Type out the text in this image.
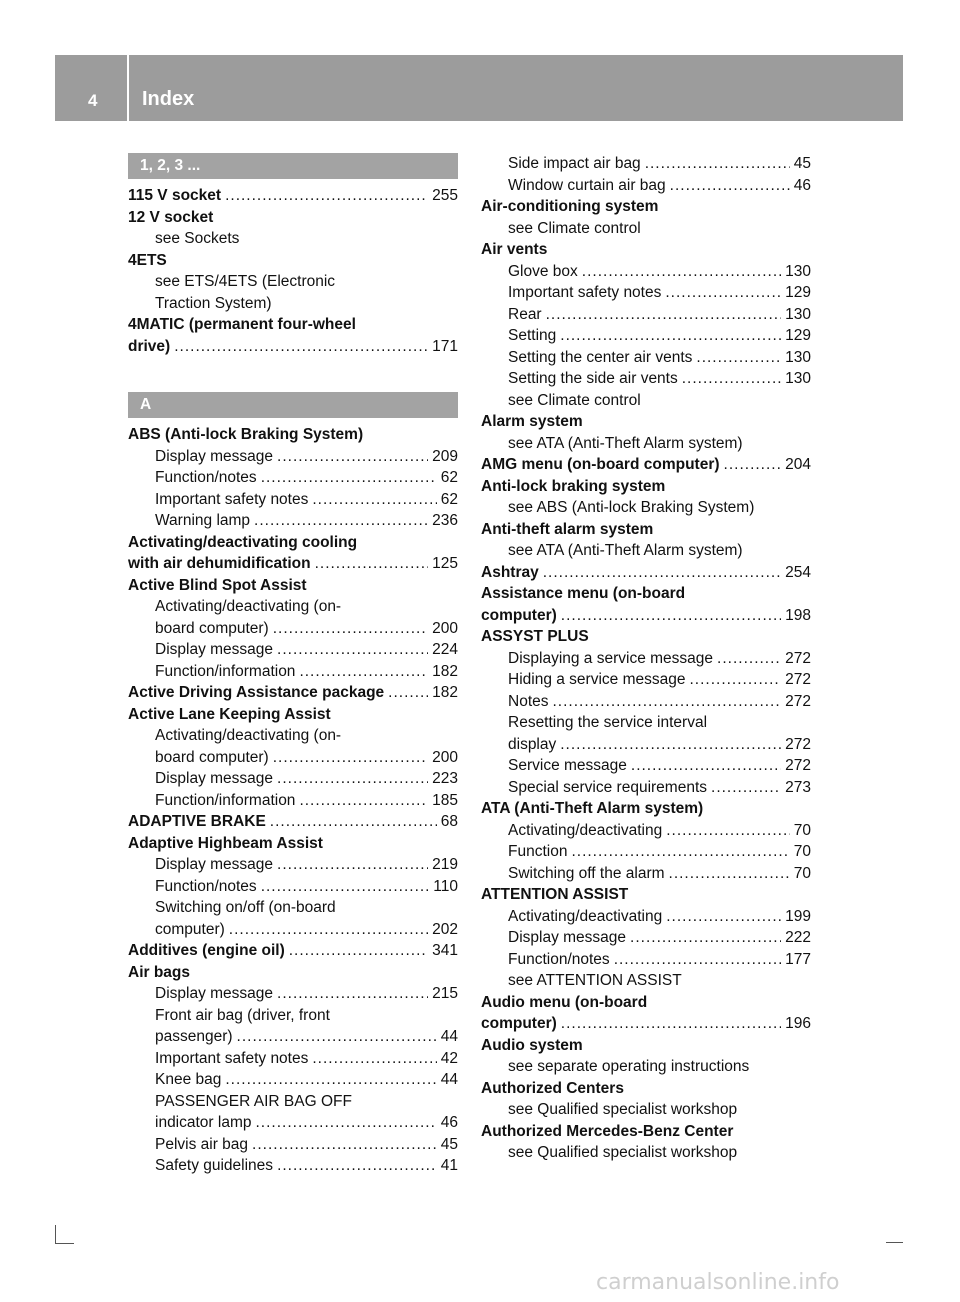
4 Index
1, 2, 3 ...
115 V socket .....	255
12 V socket
see Sockets
4ETS
see ETS/4ETS (Electronic
Traction System)
4MATIC (permanent four-wheel
drive) .....	171
A
ABS (Anti-lock Braking System)
Display message .....	209
Function/notes .....	62
Important safety notes .....	62
Warning lamp .....	236
Activating/deactivating cooling
with air dehumidification .....	125
Active Blind Spot Assist
Activating/deactivating (on-
board computer) .....	200
Display message .....	224
Function/information .....	182
Active Driving Assistance package .....	182
Active Lane Keeping Assist
Activating/deactivating (on-
board computer) .....	200
Display message .....	223
Function/information .....	185
ADAPTIVE BRAKE .....	68
Adaptive Highbeam Assist
Display message .....	219
Function/notes .....	110
Switching on/off (on-board
computer) .....	202
Additives (engine oil) .....	341
Air bags
Display message .....	215
Front air bag (driver, front
passenger) .....	44
Important safety notes .....	42
Knee bag .....	44
PASSENGER AIR BAG OFF
indicator lamp .....	46
Pelvis air bag .....	45
Safety guidelines .....	41
Side impact air bag .....	45
Window curtain air bag .....	46
Air-conditioning system
see Climate control
Air vents
Glove box .....	130
Important safety notes .....	129
Rear .....	130
Setting .....	129
Setting the center air vents .....	130
Setting the side air vents .....	130
see Climate control
Alarm system
see ATA (Anti-Theft Alarm system)
AMG menu (on-board computer) .....	204
Anti-lock braking system
see ABS (Anti-lock Braking System)
Anti-theft alarm system
see ATA (Anti-Theft Alarm system)
Ashtray .....	254
Assistance menu (on-board
computer) .....	198
ASSYST PLUS
Displaying a service message .....	272
Hiding a service message .....	272
Notes .....	272
Resetting the service interval
display .....	272
Service message .....	272
Special service requirements .....	273
ATA (Anti-Theft Alarm system)
Activating/deactivating .....	70
Function .....	70
Switching off the alarm .....	70
ATTENTION ASSIST
Activating/deactivating .....	199
Display message .....	222
Function/notes .....	177
see ATTENTION ASSIST
Audio menu (on-board
computer) .....	196
Audio system
see separate operating instructions
Authorized Centers
see Qualified specialist workshop
Authorized Mercedes-Benz Center
see Qualified specialist workshop
carmanualsonline.info
